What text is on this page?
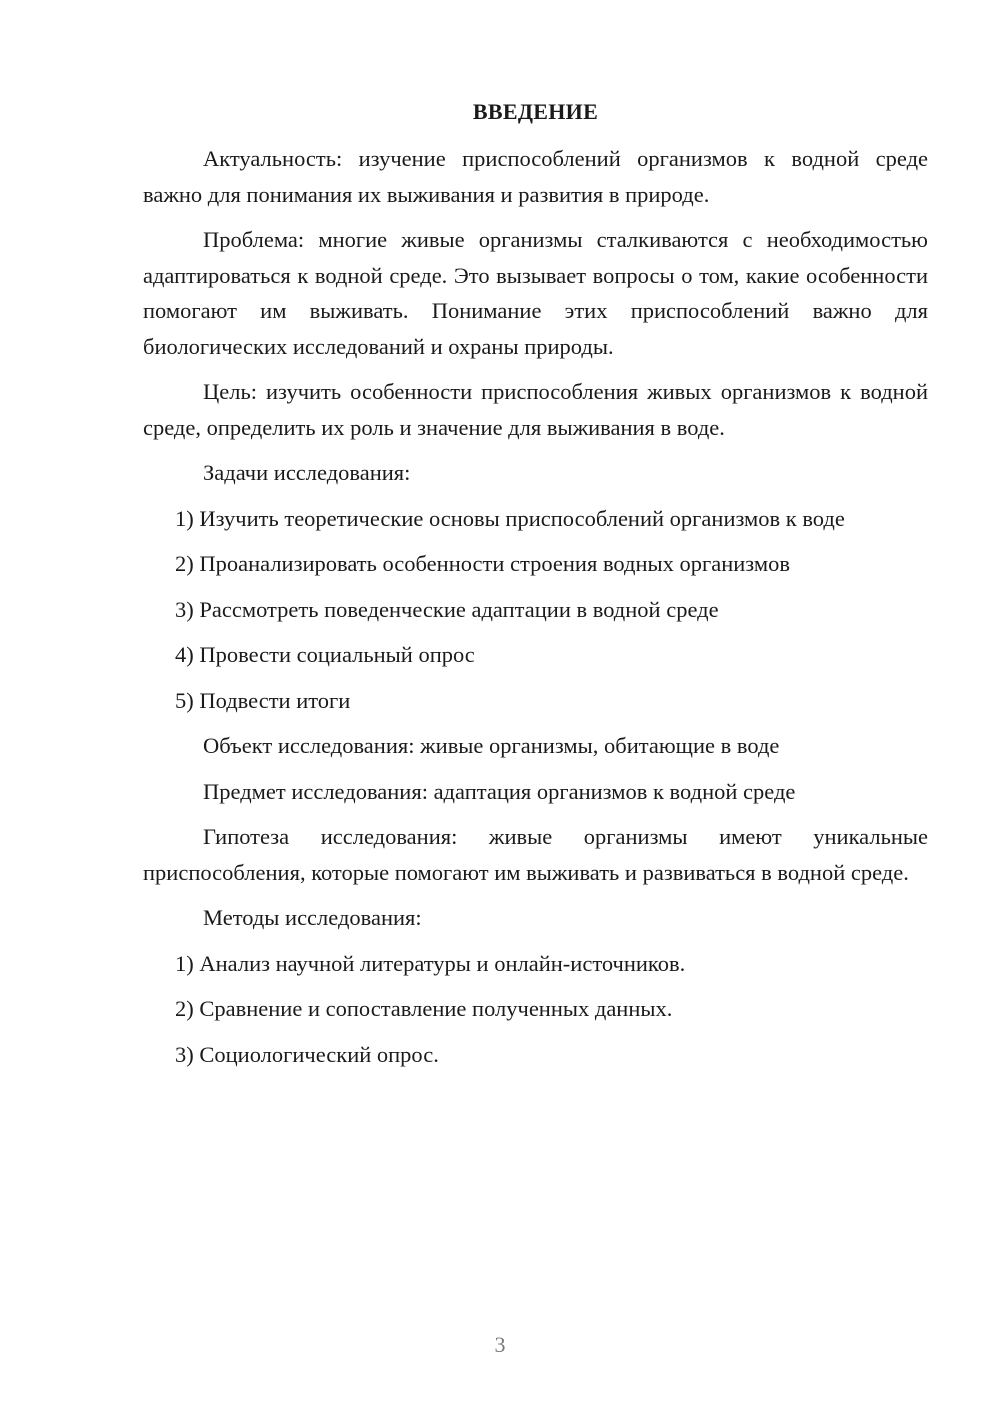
ВВЕДЕНИЕ

Актуальность: изучение приспособлений организмов к водной среде важно для понимания их выживания и развития в природе.

Проблема: многие живые организмы сталкиваются с необходимостью адаптироваться к водной среде. Это вызывает вопросы о том, какие особенности помогают им выживать. Понимание этих приспособлений важно для биологических исследований и охраны природы.

Цель: изучить особенности приспособления живых организмов к водной среде, определить их роль и значение для выживания в воде.

Задачи исследования:

1) Изучить теоретические основы приспособлений организмов к воде
2) Проанализировать особенности строения водных организмов
3) Рассмотреть поведенческие адаптации в водной среде
4) Провести социальный опрос
5) Подвести итоги

Объект исследования: живые организмы, обитающие в воде

Предмет исследования: адаптация организмов к водной среде

Гипотеза исследования: живые организмы имеют уникальные приспособления, которые помогают им выживать и развиваться в водной среде.

Методы исследования:

1) Анализ научной литературы и онлайн-источников.
2) Сравнение и сопоставление полученных данных.
3) Социологический опрос.
3
